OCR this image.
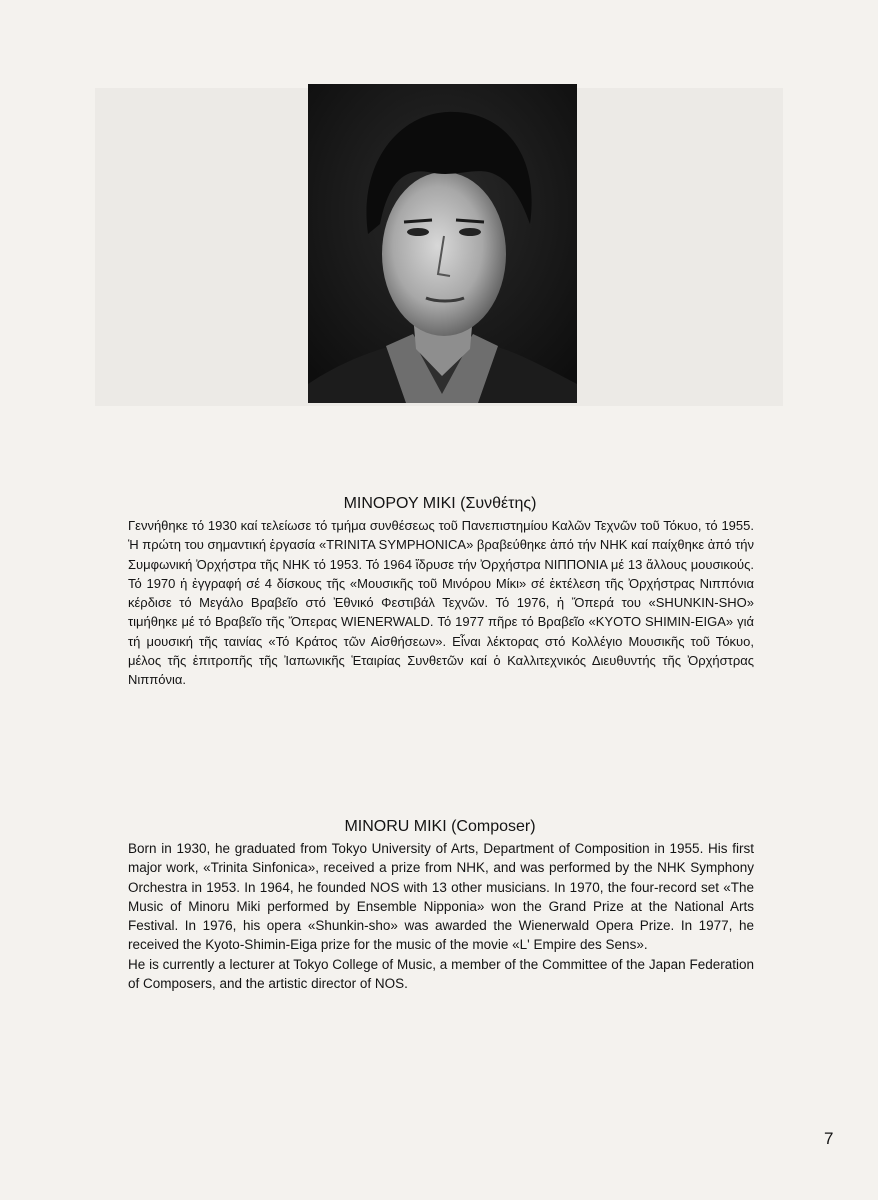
ΜΙΝΟΡΟΥ ΜΙΚΙ (Συνθέτης)
Γεννήθηκε τό 1930 καί τελείωσε τό τμήμα συνθέσεως τοῦ Πανεπιστημίου Καλῶν Τεχνῶν τοῦ Τόκυο, τό 1955. Ἡ πρώτη του σημαντική ἐργασία «TRINITA SYMPHONICA» βραβεύθηκε ἀπό τήν ΝΗΚ καί παίχθηκε ἀπό τήν Συμφωνική Ὀρχήστρα τῆς ΝΗΚ τό 1953. Τό 1964 ἵδρυσε τήν Ὀρχήστρα ΝΙΠΠΟΝΙΑ μέ 13 ἄλλους μουσικούς. Τό 1970 ἡ ἐγγραφή σέ 4 δίσκους τῆς «Μουσικῆς τοῦ Μινόρου Μίκι» σέ ἐκτέλεση τῆς Ὀρχήστρας Νιππόνια κέρδισε τό Μεγάλο Βραβεῖο στό Ἐθνικό Φεστιβάλ Τεχνῶν. Τό 1976, ἡ Ὄπερά του «SHUNKIN-SHO» τιμήθηκε μέ τό Βραβεῖο τῆς Ὄπερας WIENERWALD. Τό 1977 πῆρε τό Βραβεῖο «KYOTO SHIMIN-EIGA» γιά τή μουσική τῆς ταινίας «Τό Κράτος τῶν Αἰσθήσεων». Εἶναι λέκτορας στό Κολλέγιο Μουσικῆς τοῦ Τόκυο, μέλος τῆς ἐπιτροπῆς τῆς Ἰαπωνικῆς Ἑταιρίας Συνθετῶν καί ὁ Καλλιτεχνικός Διευθυντής τῆς Ὀρχήστρας Νιππόνια.
MINORU MIKI (Composer)
Born in 1930, he graduated from Tokyo University of Arts, Department of Composition in 1955. His first major work, «Trinita Sinfonica», received a prize from NHK, and was performed by the NHK Symphony Orchestra in 1953. In 1964, he founded NOS with 13 other musicians. In 1970, the four-record set «The Music of Minoru Miki performed by Ensemble Nipponia» won the Grand Prize at the National Arts Festival. In 1976, his opera «Shunkin-sho» was awarded the Wienerwald Opera Prize. In 1977, he received the Kyoto-Shimin-Eiga prize for the music of the movie «L' Empire des Sens».
He is currently a lecturer at Tokyo College of Music, a member of the Committee of the Japan Federation of Composers, and the artistic director of NOS.
7
